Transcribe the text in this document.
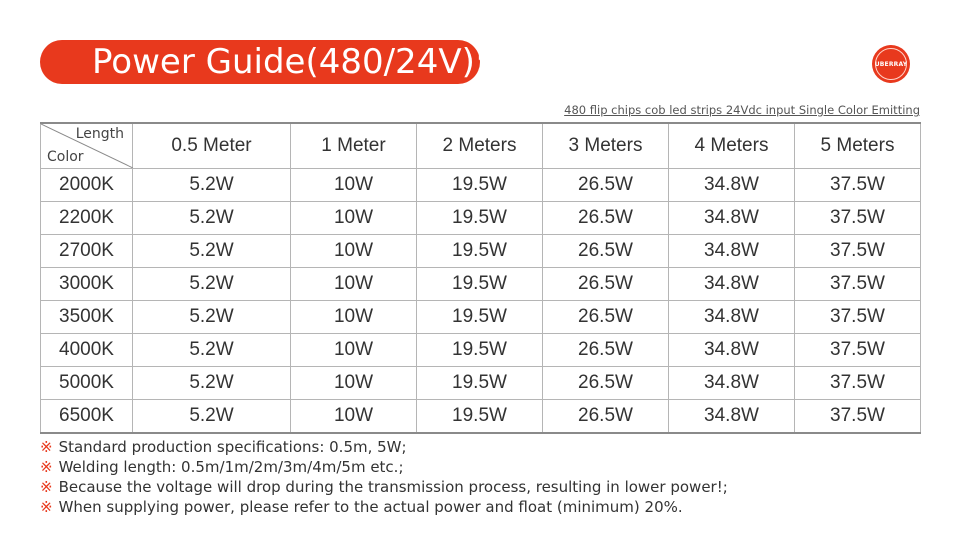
Power Guide(480/24V):	UBERRAY
480 flip chips cob led strips 24Vdc input Single Color Emitting
Length
Color	0.5 Meter	1 Meter	2 Meters	3 Meters	4 Meters	5 Meters
2000K	5.2W	10W	19.5W	26.5W	34.8W	37.5W
2200K	5.2W	10W	19.5W	26.5W	34.8W	37.5W
2700K	5.2W	10W	19.5W	26.5W	34.8W	37.5W
3000K	5.2W	10W	19.5W	26.5W	34.8W	37.5W
3500K	5.2W	10W	19.5W	26.5W	34.8W	37.5W
4000K	5.2W	10W	19.5W	26.5W	34.8W	37.5W
5000K	5.2W	10W	19.5W	26.5W	34.8W	37.5W
6500K	5.2W	10W	19.5W	26.5W	34.8W	37.5W
※ Standard production specifications: 0.5m, 5W;
※ Welding length: 0.5m/1m/2m/3m/4m/5m etc.;
※ Because the voltage will drop during the transmission process, resulting in lower power!;
※ When supplying power, please refer to the actual power and float (minimum) 20%.
